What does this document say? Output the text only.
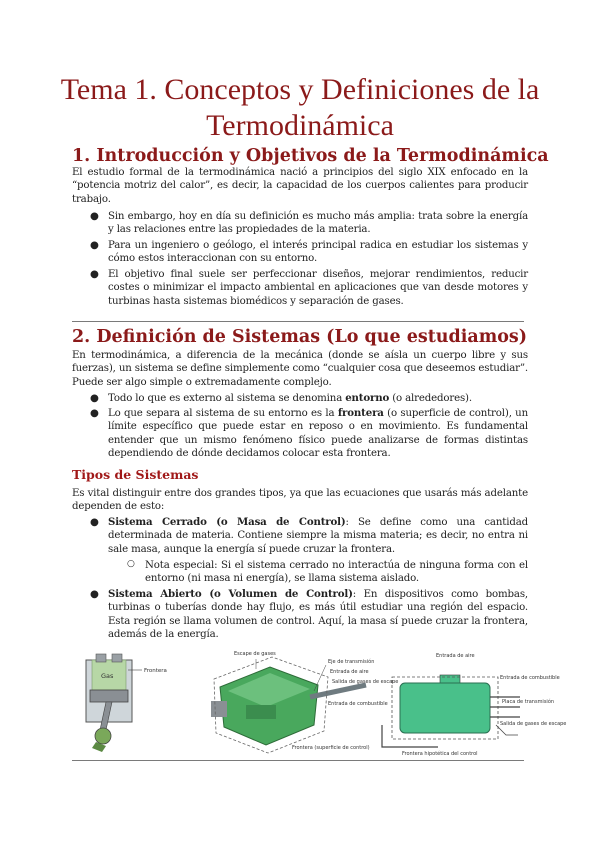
Tema 1. Conceptos y Definiciones de la Termodinámica
1. Introducción y Objetivos de la Termodinámica

El estudio formal de la termodinámica nació a principios del siglo XIX enfocado en la “potencia motriz del calor”, es decir, la capacidad de los cuerpos calientes para producir trabajo.

● Sin embargo, hoy en día su definición es mucho más amplia: trata sobre la energía y las relaciones entre las propiedades de la materia.
● Para un ingeniero o geólogo, el interés principal radica en estudiar los sistemas y cómo estos interaccionan con su entorno.
● El objetivo final suele ser perfeccionar diseños, mejorar rendimientos, reducir costes o minimizar el impacto ambiental en aplicaciones que van desde motores y turbinas hasta sistemas biomédicos y separación de gases.
2. Definición de Sistemas (Lo que estudiamos)

En termodinámica, a diferencia de la mecánica (donde se aísla un cuerpo libre y sus fuerzas), un sistema se define simplemente como “cualquier cosa que deseemos estudiar”. Puede ser algo simple o extremadamente complejo.

● Todo lo que es externo al sistema se denomina entorno (o alrededores).
● Lo que separa al sistema de su entorno es la frontera (o superficie de control), un límite específico que puede estar en reposo o en movimiento. Es fundamental entender que un mismo fenómeno físico puede analizarse de formas distintas dependiendo de dónde decidamos colocar esta frontera.
Tipos de Sistemas

Es vital distinguir entre dos grandes tipos, ya que las ecuaciones que usarás más adelante dependen de esto:

● Sistema Cerrado (o Masa de Control): Se define como una cantidad determinada de materia. Contiene siempre la misma materia; es decir, no entra ni sale masa, aunque la energía sí puede cruzar la frontera.
○ Nota especial: Si el sistema cerrado no interactúa de ninguna forma con el entorno (ni masa ni energía), se llama sistema aislado.
● Sistema Abierto (o Volumen de Control): En dispositivos como bombas, turbinas o tuberías donde hay flujo, es más útil estudiar una región del espacio. Esta región se llama volumen de control. Aquí, la masa sí puede cruzar la frontera, además de la energía.
Gas
Frontera
Escape de gases
Eje de transmisión
Entrada de aire
Salida de gases de escape
Entrada de combustible
Frontera (superficie de control)
Entrada de aire
Entrada de combustible
Placa de transmisión
Salida de gases de escape
Frontera hipotética del control
